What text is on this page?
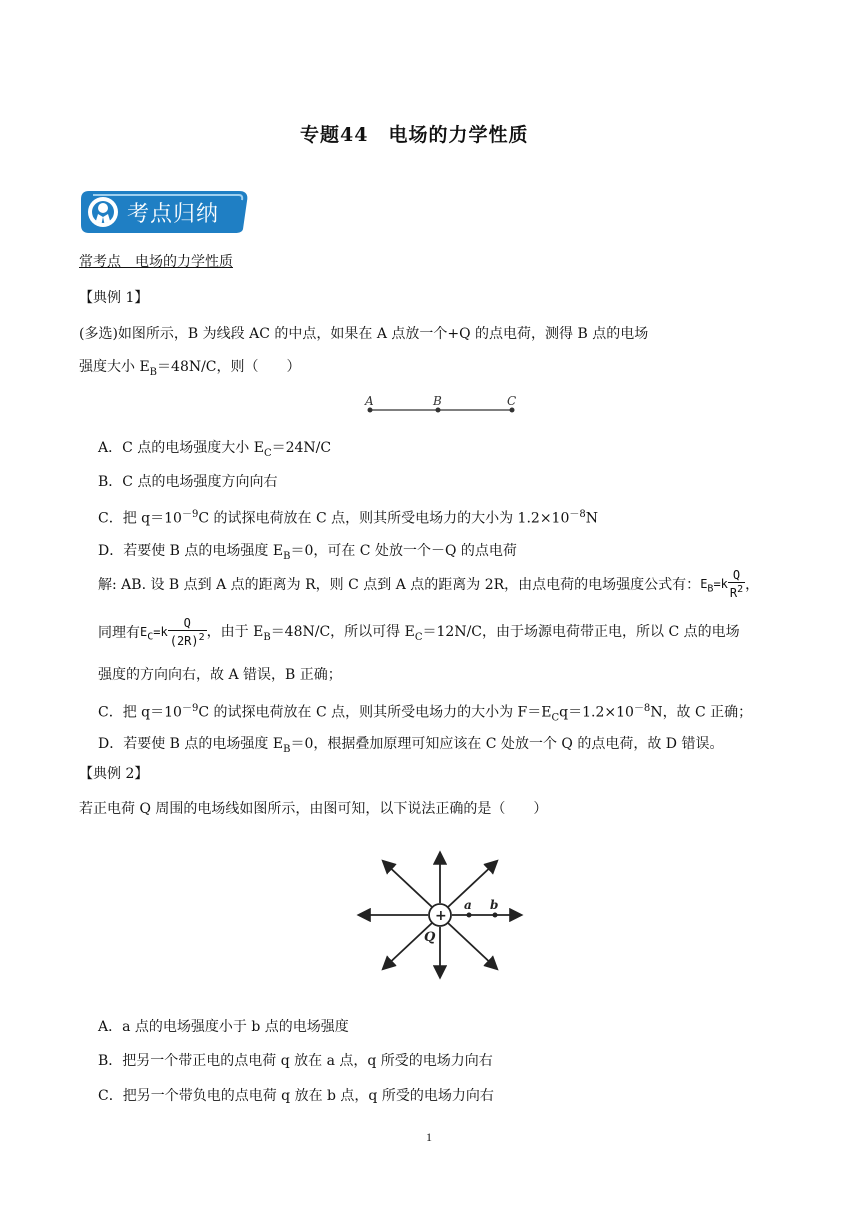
专题44　电场的力学性质
考点归纳
常考点　电场的力学性质
【典例 1】
(多选)如图所示，B 为线段 AC 的中点，如果在 A 点放一个+Q 的点电荷，测得 B 点的电场
强度大小 $E_B=48N/C$，则（　　）
A	B	C
A．C 点的电场强度大小 $E_C=24N/C$
B．C 点的电场强度方向向右
C．把 $q=10^{-9}C$ 的试探电荷放在 C 点，则其所受电场力的大小为 $1.2\times 10^{-8}N$
D．若要使 B 点的电场强度 $E_B=0$，可在 C 处放一个－Q 的点电荷
解: AB. 设 B 点到 A 点的距离为 R，则 C 点到 A 点的距离为 2R，由点电荷的电场强度公式有：$E_B=k \frac{Q}{R^2}$ ，
同理有$E_C=k \frac{Q}{(2R)^2}$ ，由于 $E_B=48N/C$，所以可得 $E_C=12N/C$，由于场源电荷带正电，所以 C 点的电场
强度的方向向右，故 A 错误，B 正确；
C．把 $q=10^{-9}C$ 的试探电荷放在 C 点，则其所受电场力的大小为 $F=E_Cq=1.2\times 10^{-8}N$，故 C 正确；
D．若要使 B 点的电场强度 $E_B=0$，根据叠加原理可知应该在 C 处放一个 Q 的点电荷，故 D 错误。
【典例 2】
若正电荷 Q 周围的电场线如图所示，由图可知，以下说法正确的是（　　）
+
a b
Q
A．a 点的电场强度小于 b 点的电场强度
B．把另一个带正电的点电荷 q 放在 a 点，q 所受的电场力向右
C．把另一个带负电的点电荷 q 放在 b 点，q 所受的电场力向右
1
